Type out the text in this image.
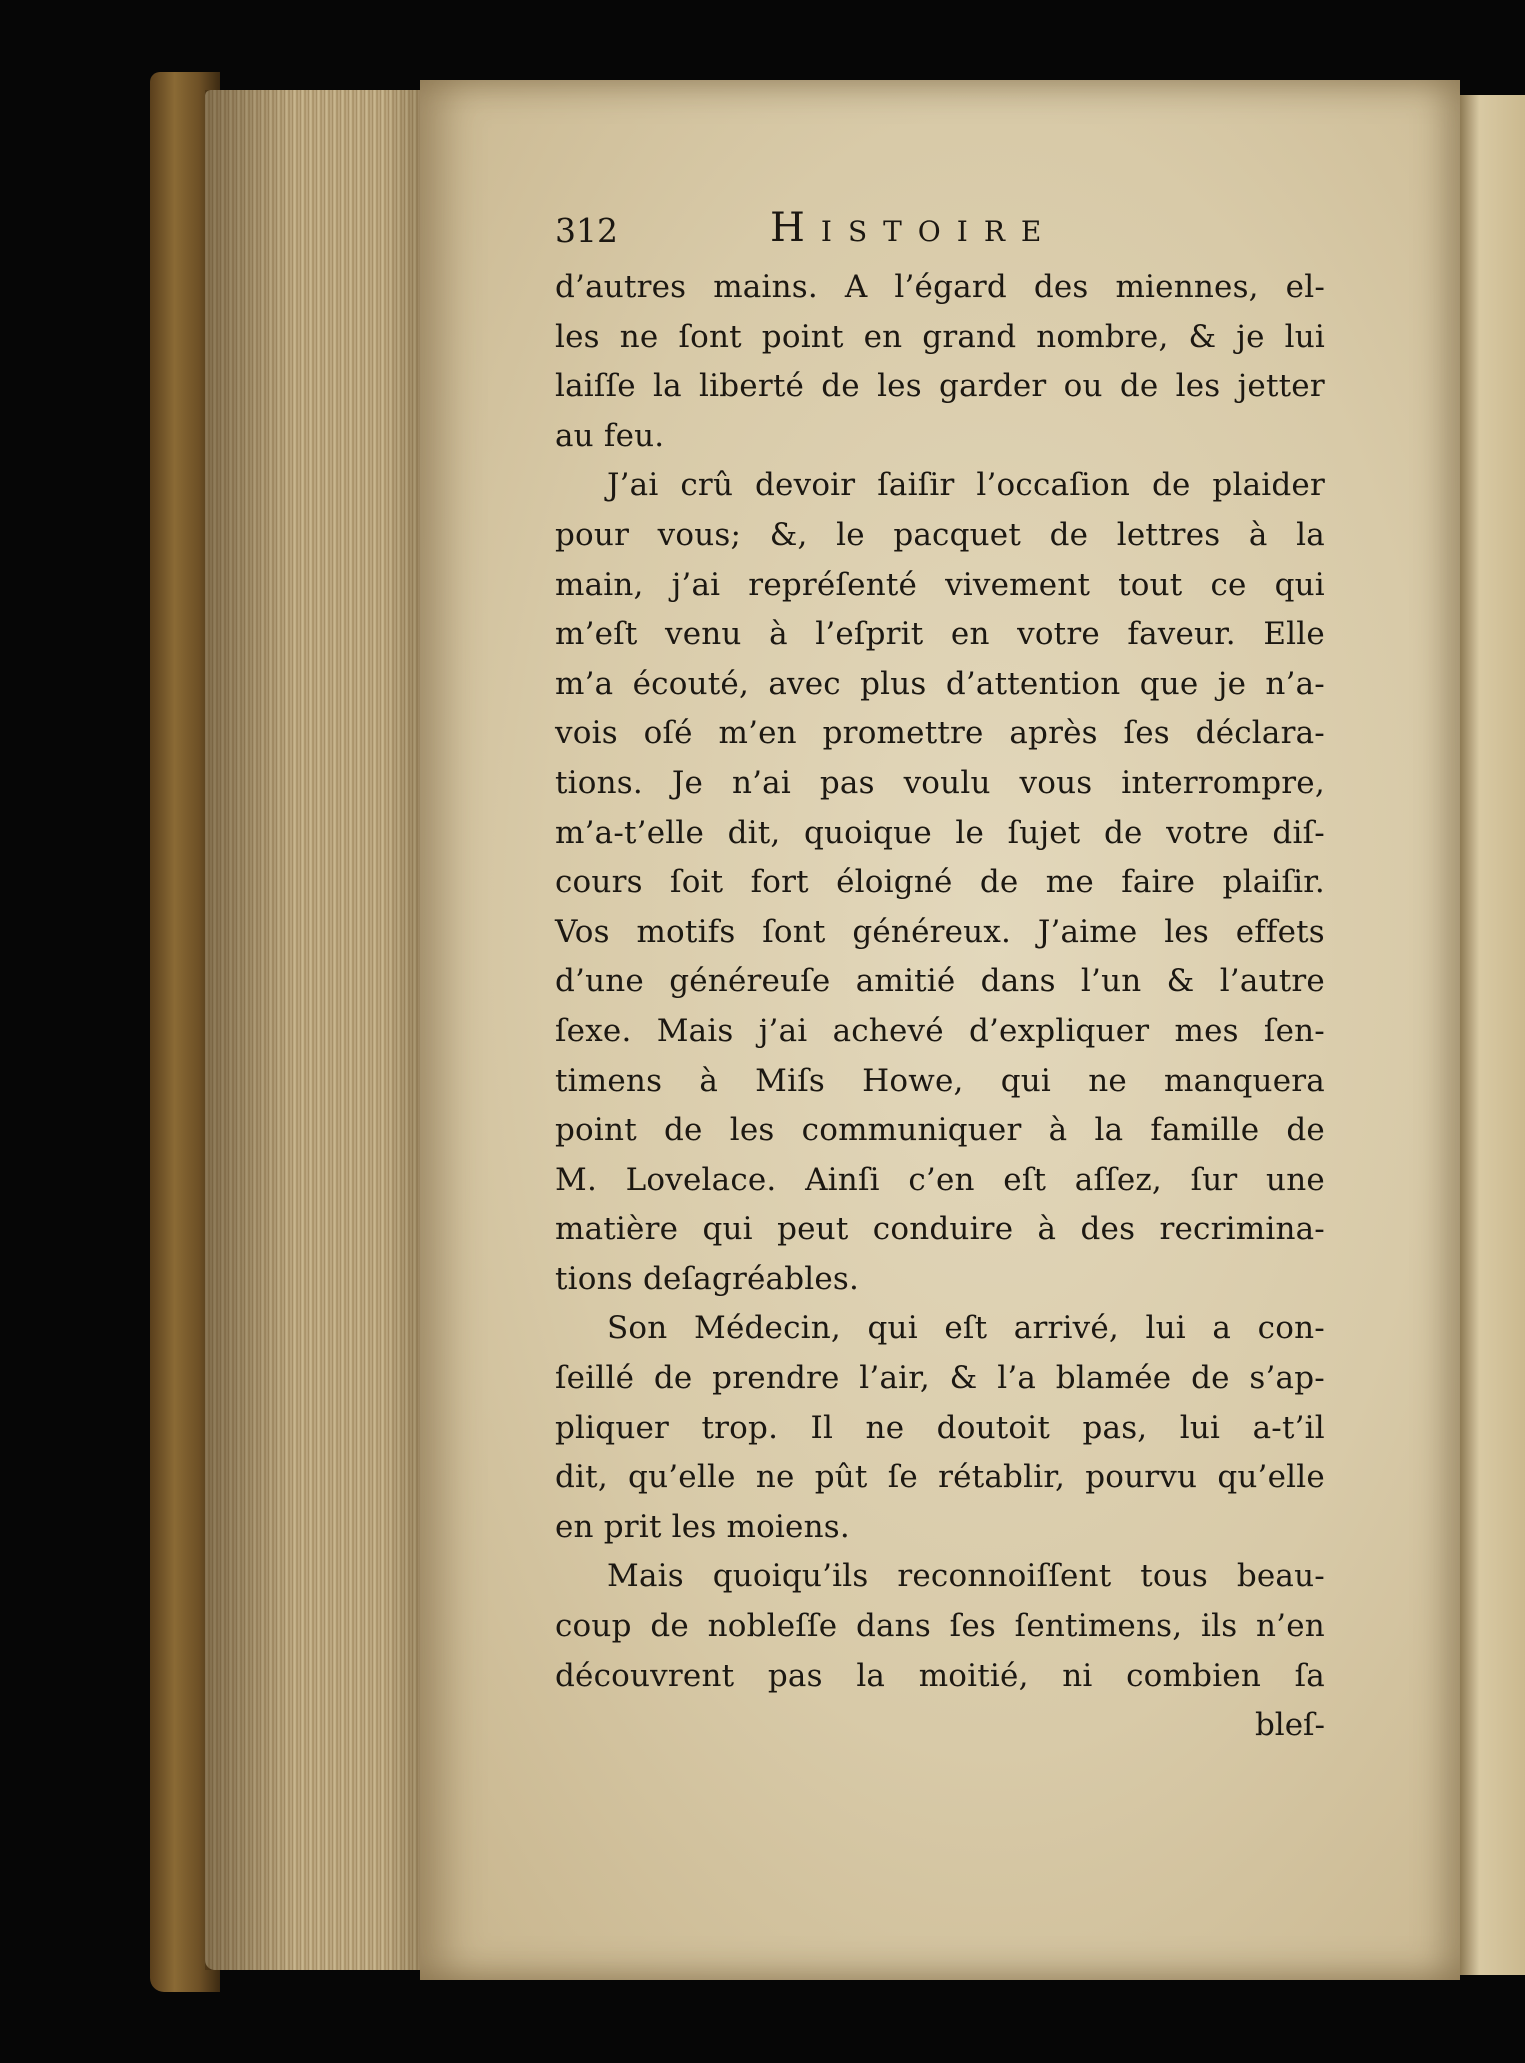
312	Histoire
d’autres mains. A l’égard des miennes, el-
les ne ſont point en grand nombre, & je lui
laiſſe la liberté de les garder ou de les jetter
au feu.
J’ai crû devoir ſaiſir l’occaſion de plaider
pour vous; &, le pacquet de lettres à la
main, j’ai repréſenté vivement tout ce qui
m’eſt venu à l’eſprit en votre faveur. Elle
m’a écouté, avec plus d’attention que je n’a-
vois oſé m’en promettre après ſes déclara-
tions. Je n’ai pas voulu vous interrompre,
m’a-t’elle dit, quoique le ſujet de votre diſ-
cours ſoit fort éloigné de me faire plaiſir.
Vos motifs ſont généreux. J’aime les effets
d’une généreuſe amitié dans l’un & l’autre
ſexe. Mais j’ai achevé d’expliquer mes ſen-
timens à Miſs Howe, qui ne manquera
point de les communiquer à la famille de
M. Lovelace. Ainſi c’en eſt aſſez, ſur une
matière qui peut conduire à des recrimina-
tions deſagréables.
Son Médecin, qui eſt arrivé, lui a con-
ſeillé de prendre l’air, & l’a blamée de s’ap-
pliquer trop. Il ne doutoit pas, lui a-t’il
dit, qu’elle ne pût ſe rétablir, pourvu qu’elle
en prit les moiens.
Mais quoiqu’ils reconnoiſſent tous beau-
coup de nobleſſe dans ſes ſentimens, ils n’en
découvrent pas la moitié, ni combien ſa
bleſ-
